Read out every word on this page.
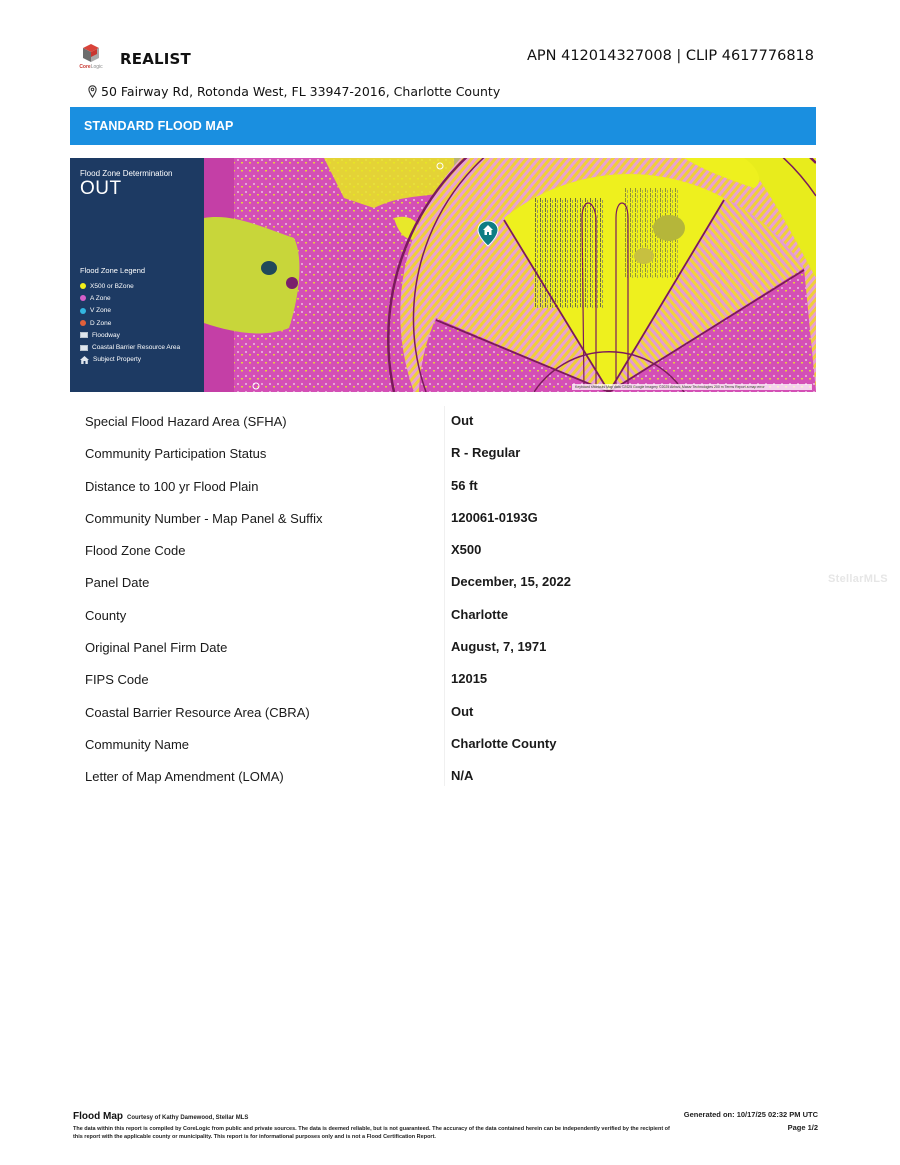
CoreLogic	REALIST	APN 412014327008 | CLIP 4617776818
50 Fairway Rd, Rotonda West, FL 33947-2016, Charlotte County
STANDARD FLOOD MAP
Flood Zone Determination
OUT
Flood Zone Legend
X500 or BZone
A Zone
V Zone
D Zone
Floodway
Coastal Barrier Resource Area
Subject Property
Keyboard shortcuts Map data ©2025 Google Imagery ©2025 Airbus, Maxar Technologies 200 m Terms Report a map error
Special Flood Hazard Area (SFHA)	Out
Community Participation Status	R - Regular
Distance to 100 yr Flood Plain	56 ft
Community Number - Map Panel & Suffix	120061-0193G
Flood Zone Code	X500
Panel Date	December, 15, 2022
County	Charlotte
Original Panel Firm Date	August, 7, 1971
FIPS Code	12015
Coastal Barrier Resource Area (CBRA)	Out
Community Name	Charlotte County
Letter of Map Amendment (LOMA)	N/A
StellarMLS
Flood Map Courtesy of Kathy Damewood, Stellar MLS
The data within this report is compiled by CoreLogic from public and private sources. The data is deemed reliable, but is not guaranteed. The accuracy of the data contained herein can be independently verified by the recipient of this report with the applicable county or municipality. This report is for informational purposes only and is not a Flood Certification Report.
Generated on: 10/17/25 02:32 PM UTC
Page 1/2
